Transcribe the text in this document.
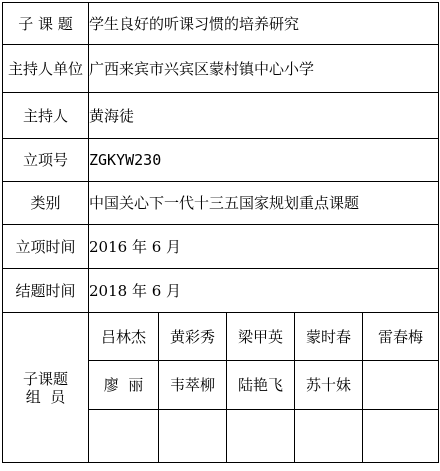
子 课 题	学生良好的听课习惯的培养研究				
主持人单位	广西来宾市兴宾区蒙村镇中心小学				
主持人	黄海徒				
立项号	ZGKYW230				
类别	中国关心下一代十三五国家规划重点课题				
立项时间	2016 年 6 月				
结题时间	2018 年 6 月				
子课题
组  员	吕林杰	黄彩秀	梁甲英	蒙时春	雷春梅
	廖  丽	韦萃柳	陆艳飞	苏十妹	
